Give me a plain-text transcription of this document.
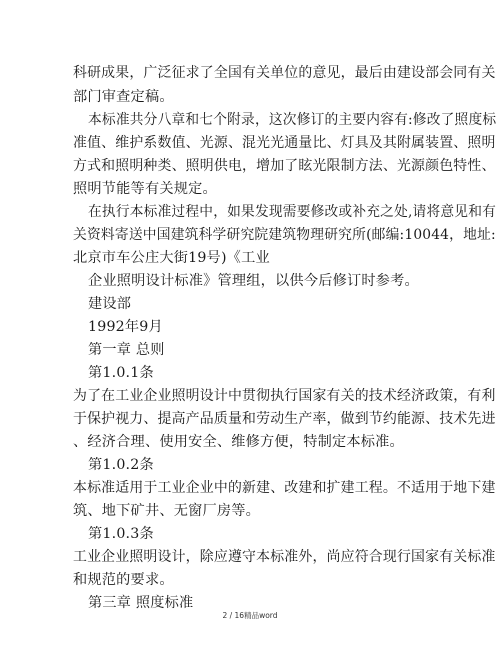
科研成果，广泛征求了全国有关单位的意见，最后由建设部会同有关
部门审查定稿。
本标准共分八章和七个附录，这次修订的主要内容有:修改了照度标
准值、维护系数值、光源、混光光通量比、灯具及其附属装置、照明
方式和照明种类、照明供电，增加了眩光限制方法、光源颜色特性、
照明节能等有关规定。
在执行本标准过程中，如果发现需要修改或补充之处,请将意见和有
关资料寄送中国建筑科学研究院建筑物理研究所(邮编:10044，地址:
北京市车公庄大街19号)《工业
企业照明设计标准》管理组，以供今后修订时参考。
建设部
1992年9月
第一章 总则
第1.0.1条
为了在工业企业照明设计中贯彻执行国家有关的技术经济政策，有利
于保护视力、提高产品质量和劳动生产率，做到节约能源、技术先进
、经济合理、使用安全、维修方便，特制定本标准。
第1.0.2条
本标准适用于工业企业中的新建、改建和扩建工程。不适用于地下建
筑、地下矿井、无窗厂房等。
第1.0.3条
工业企业照明设计，除应遵守本标准外，尚应符合现行国家有关标准
和规范的要求。
第三章 照度标准
2 / 16精品word
